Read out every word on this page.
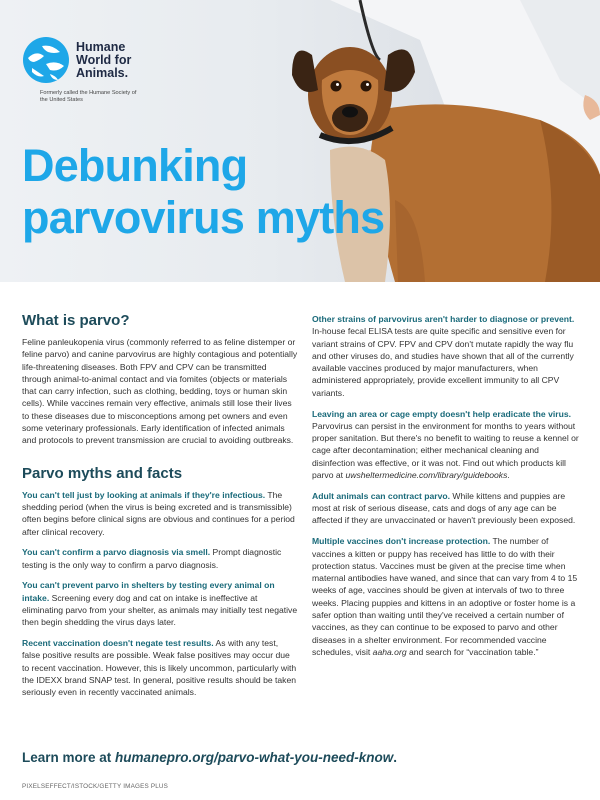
Humane
World for
Animals.
Formerly called the Humane Society of the United States
Debunking
parvovirus myths
What is parvo?

Feline panleukopenia virus (commonly referred to as feline distemper or feline parvo) and canine parvovirus are highly contagious and potentially life-threatening diseases. Both FPV and CPV can be transmitted through animal-to-animal contact and via fomites (objects or materials that can carry infection, such as clothing, bedding, toys or human skin cells). While vaccines remain very effective, animals still lose their lives to these diseases due to misconceptions among pet owners and even some veterinary professionals. Early identification of infected animals and protocols to prevent transmission are crucial to avoiding outbreaks.

Parvo myths and facts

You can't tell just by looking at animals if they're infectious. The shedding period (when the virus is being excreted and is transmissible) often begins before clinical signs are obvious and continues for a period after clinical recovery.

You can't confirm a parvo diagnosis via smell. Prompt diagnostic testing is the only way to confirm a parvo diagnosis.

You can't prevent parvo in shelters by testing every animal on intake. Screening every dog and cat on intake is ineffective at eliminating parvo from your shelter, as animals may initially test negative then begin shedding the virus days later.

Recent vaccination doesn't negate test results. As with any test, false positive results are possible. Weak false positives may occur due to recent vaccination. However, this is likely uncommon, particularly with the IDEXX brand SNAP test. In general, positive results should be taken seriously even in recently vaccinated animals.

Other strains of parvovirus aren't harder to diagnose or prevent. In-house fecal ELISA tests are quite specific and sensitive even for variant strains of CPV. FPV and CPV don't mutate rapidly the way flu and other viruses do, and studies have shown that all of the currently available vaccines produced by major manufacturers, when administered appropriately, provide excellent immunity to all CPV variants.

Leaving an area or cage empty doesn't help eradicate the virus. Parvovirus can persist in the environment for months to years without proper sanitation. But there's no benefit to waiting to reuse a kennel or cage after decontamination; either mechanical cleaning and disinfection was effective, or it was not. Find out which products kill parvo at uwsheltermedicine.com/library/guidebooks.

Adult animals can contract parvo. While kittens and puppies are most at risk of serious disease, cats and dogs of any age can be affected if they are unvaccinated or haven't previously been exposed.

Multiple vaccines don't increase protection. The number of vaccines a kitten or puppy has received has little to do with their protection status. Vaccines must be given at the precise time when maternal antibodies have waned, and since that can vary from 4 to 15 weeks of age, vaccines should be given at intervals of two to three weeks. Placing puppies and kittens in an adoptive or foster home is a safer option than waiting until they've received a certain number of vaccines, as they can continue to be exposed to parvo and other diseases in a shelter environment. For recommended vaccine schedules, visit aaha.org and search for “vaccination table.”

Learn more at humanepro.org/parvo-what-you-need-know.
PIXELSEFFECT/ISTOCK/GETTY IMAGES PLUS
